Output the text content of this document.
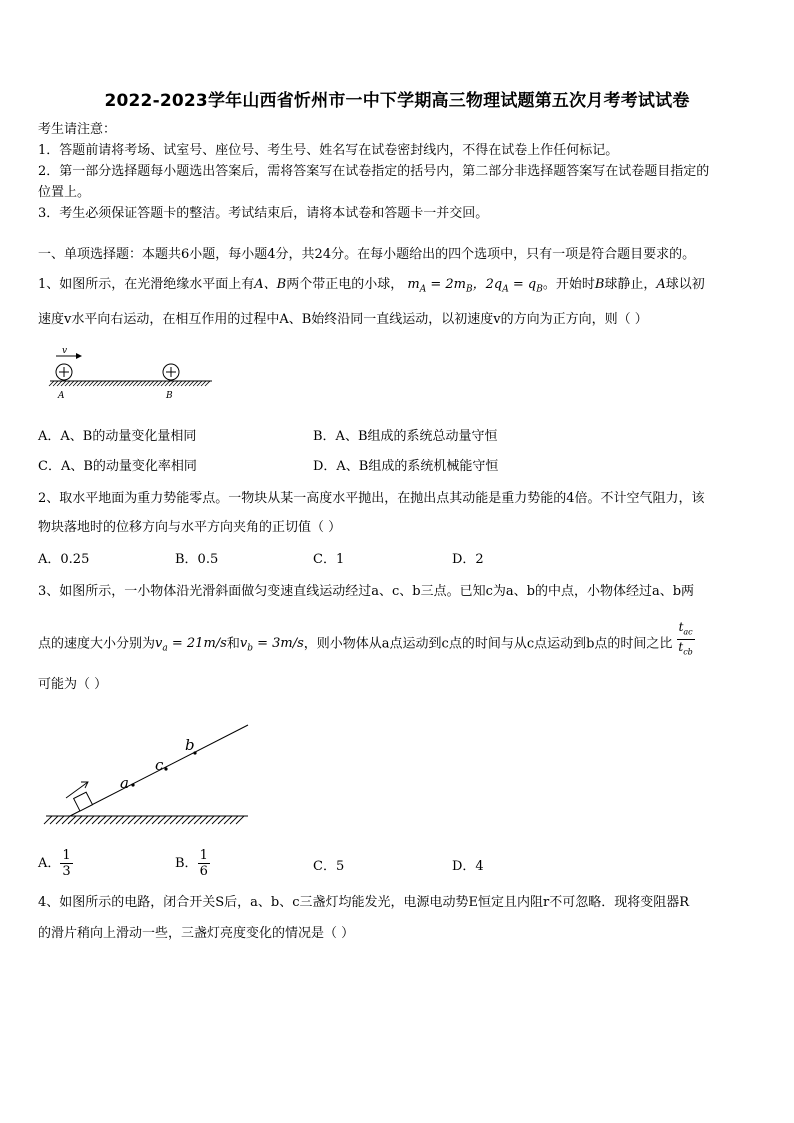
2022-2023学年山西省忻州市一中下学期高三物理试题第五次月考考试试卷
考生请注意：
1．答题前请将考场、试室号、座位号、考生号、姓名写在试卷密封线内，不得在试卷上作任何标记。
2．第一部分选择题每小题选出答案后，需将答案写在试卷指定的括号内，第二部分非选择题答案写在试卷题目指定的
位置上。
3．考生必须保证答题卡的整洁。考试结束后，请将本试卷和答题卡一并交回。
一、单项选择题：本题共6小题，每小题4分，共24分。在每小题给出的四个选项中，只有一项是符合题目要求的。
1、如图所示，在光滑绝缘水平面上有A、B两个带正电的小球， $m_A = 2m_B$，$2q_A = q_B$。开始时B球静止，A球以初
速度v水平向右运动，在相互作用的过程中A、B始终沿同一直线运动，以初速度v的方向为正方向，则（ ）
v
A	B
A．A、B的动量变化量相同	B．A、B组成的系统总动量守恒
C．A、B的动量变化率相同	D．A、B组成的系统机械能守恒
2、取水平地面为重力势能零点。一物块从某一高度水平抛出，在抛出点其动能是重力势能的4倍。不计空气阻力，该
物块落地时的位移方向与水平方向夹角的正切值（ ）
A．0.25	B．0.5	C．1	D．2
3、如图所示，一小物体沿光滑斜面做匀变速直线运动经过a、c、b三点。已知c为a、b的中点，小物体经过a、b两
点的速度大小分别为$v_a = 21m/s$和$v_b = 3m/s$，则小物体从a点运动到c点的时间与从c点运动到b点的时间之比 $\frac{t_{ac}}{t_{cb}}$
可能为（ ）
a
c
b
A． $\frac{1}{3}$	B． $\frac{1}{6}$	C．5	D．4
4、如图所示的电路，闭合开关S后，a、b、c三盏灯均能发光，电源电动势E恒定且内阻r不可忽略．现将变阻器R
的滑片稍向上滑动一些，三盏灯亮度变化的情况是（ ）
